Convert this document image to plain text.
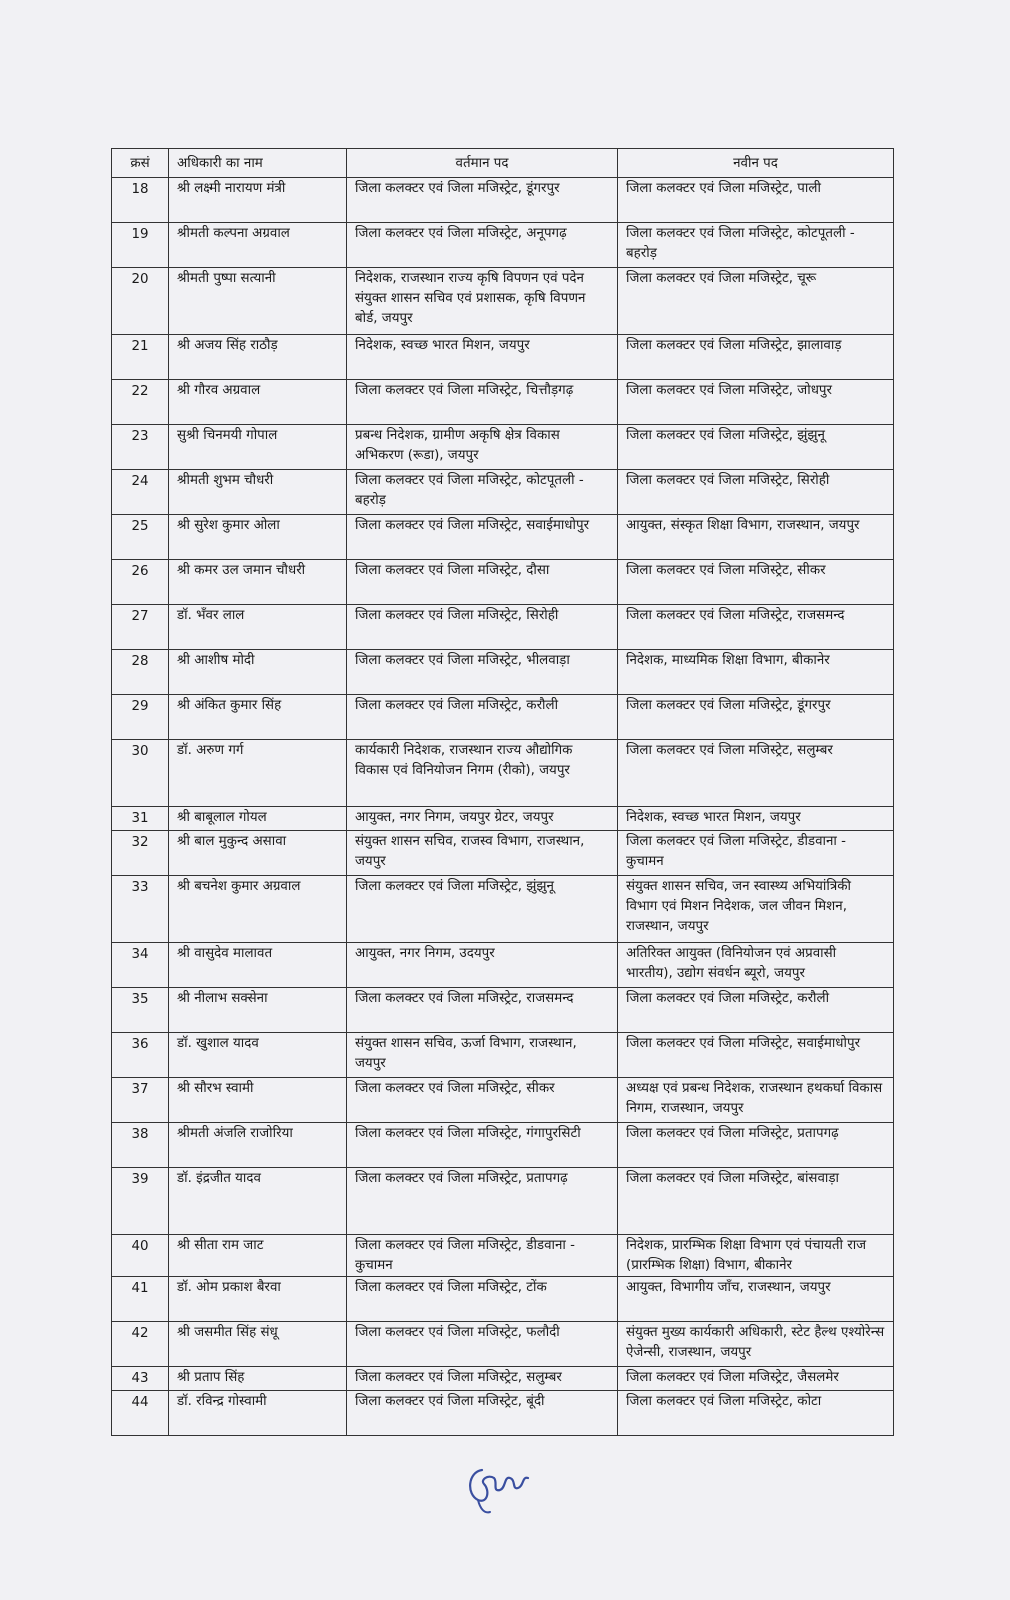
क्रसं	अधिकारी का नाम	वर्तमान पद	नवीन पद
18	श्री लक्ष्मी नारायण मंत्री	जिला कलक्टर एवं जिला मजिस्ट्रेट, डूंगरपुर	जिला कलक्टर एवं जिला मजिस्ट्रेट, पाली
19	श्रीमती कल्पना अग्रवाल	जिला कलक्टर एवं जिला मजिस्ट्रेट, अनूपगढ़	जिला कलक्टर एवं जिला मजिस्ट्रेट, कोटपूतली - बहरोड़
20	श्रीमती पुष्पा सत्यानी	निदेशक, राजस्थान राज्य कृषि विपणन एवं पदेन संयुक्त शासन सचिव एवं प्रशासक, कृषि विपणन बोर्ड, जयपुर	जिला कलक्टर एवं जिला मजिस्ट्रेट, चूरू
21	श्री अजय सिंह राठौड़	निदेशक, स्वच्छ भारत मिशन, जयपुर	जिला कलक्टर एवं जिला मजिस्ट्रेट, झालावाड़
22	श्री गौरव अग्रवाल	जिला कलक्टर एवं जिला मजिस्ट्रेट, चित्तौड़गढ़	जिला कलक्टर एवं जिला मजिस्ट्रेट, जोधपुर
23	सुश्री चिनमयी गोपाल	प्रबन्ध निदेशक, ग्रामीण अकृषि क्षेत्र विकास अभिकरण (रूडा), जयपुर	जिला कलक्टर एवं जिला मजिस्ट्रेट, झुंझुनू
24	श्रीमती शुभम चौधरी	जिला कलक्टर एवं जिला मजिस्ट्रेट, कोटपूतली - बहरोड़	जिला कलक्टर एवं जिला मजिस्ट्रेट, सिरोही
25	श्री सुरेश कुमार ओला	जिला कलक्टर एवं जिला मजिस्ट्रेट, सवाईमाधोपुर	आयुक्त, संस्कृत शिक्षा विभाग, राजस्थान, जयपुर
26	श्री कमर उल जमान चौधरी	जिला कलक्टर एवं जिला मजिस्ट्रेट, दौसा	जिला कलक्टर एवं जिला मजिस्ट्रेट, सीकर
27	डॉ. भँवर लाल	जिला कलक्टर एवं जिला मजिस्ट्रेट, सिरोही	जिला कलक्टर एवं जिला मजिस्ट्रेट, राजसमन्द
28	श्री आशीष मोदी	जिला कलक्टर एवं जिला मजिस्ट्रेट, भीलवाड़ा	निदेशक, माध्यमिक शिक्षा विभाग, बीकानेर
29	श्री अंकित कुमार सिंह	जिला कलक्टर एवं जिला मजिस्ट्रेट, करौली	जिला कलक्टर एवं जिला मजिस्ट्रेट, डूंगरपुर
30	डॉ. अरुण गर्ग	कार्यकारी निदेशक, राजस्थान राज्य औद्योगिक विकास एवं विनियोजन निगम (रीको), जयपुर	जिला कलक्टर एवं जिला मजिस्ट्रेट, सलुम्बर
31	श्री बाबूलाल गोयल	आयुक्त, नगर निगम, जयपुर ग्रेटर, जयपुर	निदेशक, स्वच्छ भारत मिशन, जयपुर
32	श्री बाल मुकुन्द असावा	संयुक्त शासन सचिव, राजस्व विभाग, राजस्थान, जयपुर	जिला कलक्टर एवं जिला मजिस्ट्रेट, डीडवाना - कुचामन
33	श्री बचनेश कुमार अग्रवाल	जिला कलक्टर एवं जिला मजिस्ट्रेट, झुंझुनू	संयुक्त शासन सचिव, जन स्वास्थ्य अभियांत्रिकी विभाग एवं मिशन निदेशक, जल जीवन मिशन, राजस्थान, जयपुर
34	श्री वासुदेव मालावत	आयुक्त, नगर निगम, उदयपुर	अतिरिक्त आयुक्त (विनियोजन एवं अप्रवासी भारतीय), उद्योग संवर्धन ब्यूरो, जयपुर
35	श्री नीलाभ सक्सेना	जिला कलक्टर एवं जिला मजिस्ट्रेट, राजसमन्द	जिला कलक्टर एवं जिला मजिस्ट्रेट, करौली
36	डॉ. खुशाल यादव	संयुक्त शासन सचिव, ऊर्जा विभाग, राजस्थान, जयपुर	जिला कलक्टर एवं जिला मजिस्ट्रेट, सवाईमाधोपुर
37	श्री सौरभ स्वामी	जिला कलक्टर एवं जिला मजिस्ट्रेट, सीकर	अध्यक्ष एवं प्रबन्ध निदेशक, राजस्थान हथकर्घा विकास निगम, राजस्थान, जयपुर
38	श्रीमती अंजलि राजोरिया	जिला कलक्टर एवं जिला मजिस्ट्रेट, गंगापुरसिटी	जिला कलक्टर एवं जिला मजिस्ट्रेट, प्रतापगढ़
39	डॉ. इंद्रजीत यादव	जिला कलक्टर एवं जिला मजिस्ट्रेट, प्रतापगढ़	जिला कलक्टर एवं जिला मजिस्ट्रेट, बांसवाड़ा
40	श्री सीता राम जाट	जिला कलक्टर एवं जिला मजिस्ट्रेट, डीडवाना - कुचामन	निदेशक, प्रारम्भिक शिक्षा विभाग एवं पंचायती राज (प्रारम्भिक शिक्षा) विभाग, बीकानेर
41	डॉ. ओम प्रकाश बैरवा	जिला कलक्टर एवं जिला मजिस्ट्रेट, टोंक	आयुक्त, विभागीय जाँच, राजस्थान, जयपुर
42	श्री जसमीत सिंह संधू	जिला कलक्टर एवं जिला मजिस्ट्रेट, फलौदी	संयुक्त मुख्य कार्यकारी अधिकारी, स्टेट हैल्थ एश्योरेन्स ऐजेन्सी, राजस्थान, जयपुर
43	श्री प्रताप सिंह	जिला कलक्टर एवं जिला मजिस्ट्रेट, सलुम्बर	जिला कलक्टर एवं जिला मजिस्ट्रेट, जैसलमेर
44	डॉ. रविन्द्र गोस्वामी	जिला कलक्टर एवं जिला मजिस्ट्रेट, बूंदी	जिला कलक्टर एवं जिला मजिस्ट्रेट, कोटा
